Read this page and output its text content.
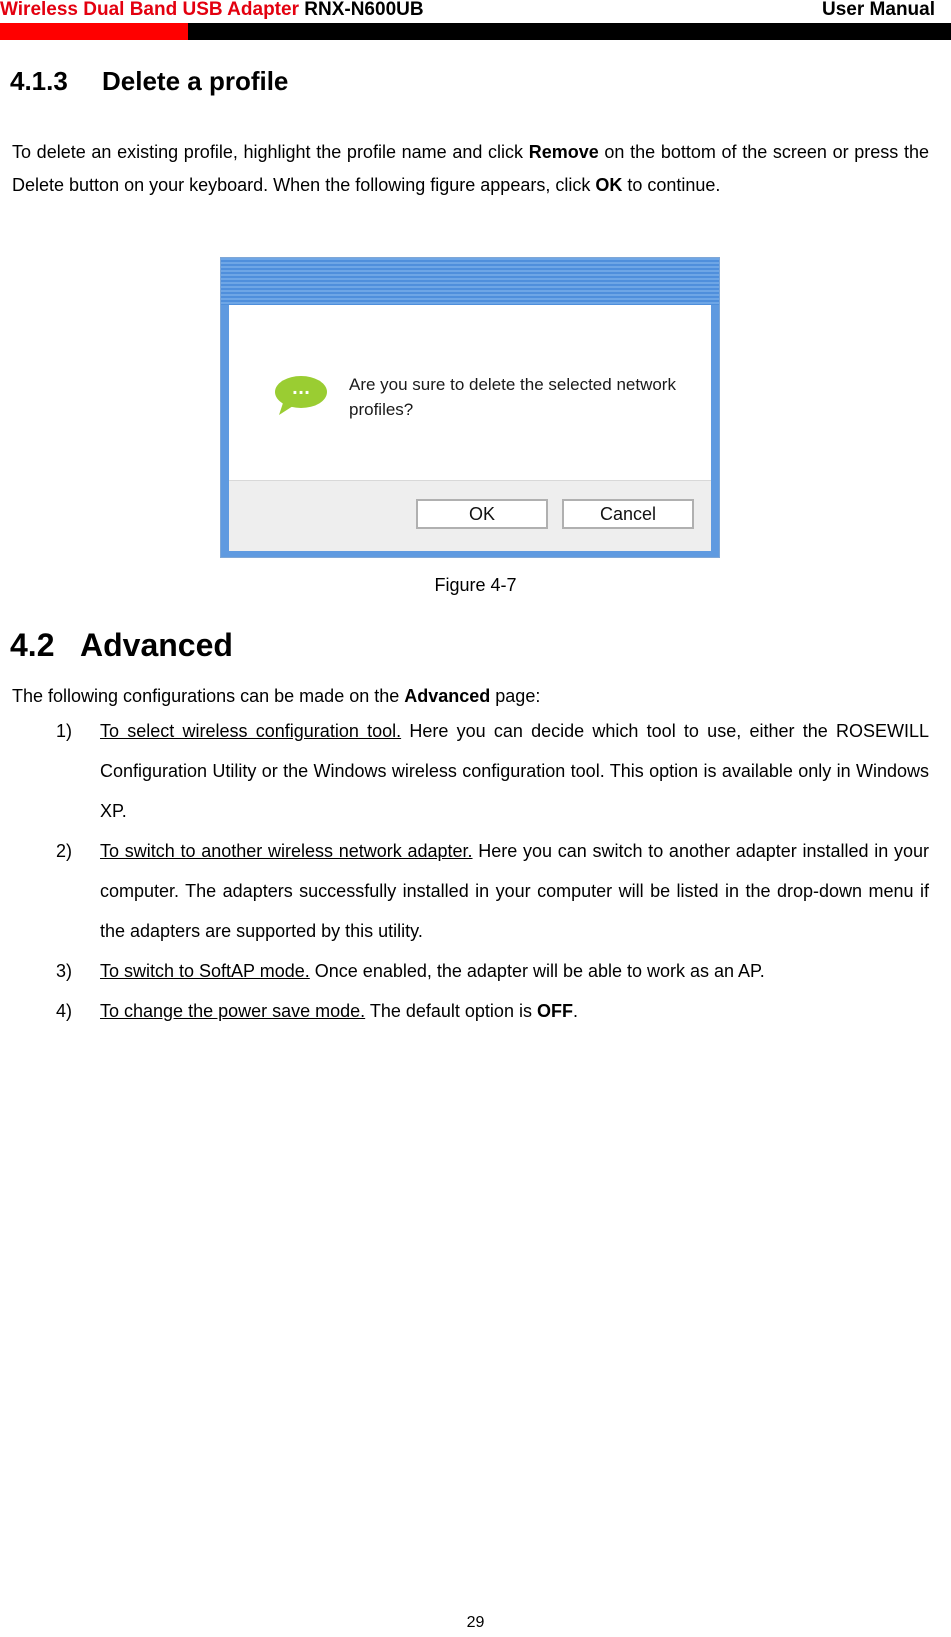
Wireless Dual Band USB Adapter RNX-N600UB	User Manual
4.1.3 Delete a profile
To delete an existing profile, highlight the profile name and click Remove on the bottom of the screen or press the Delete button on your keyboard. When the following figure appears, click OK to continue.
... Are you sure to delete the selected network profiles?
OK	Cancel
Figure 4-7
4.2 Advanced
The following configurations can be made on the Advanced page:
1) To select wireless configuration tool. Here you can decide which tool to use, either the ROSEWILL Configuration Utility or the Windows wireless configuration tool. This option is available only in Windows XP.
2) To switch to another wireless network adapter. Here you can switch to another adapter installed in your computer. The adapters successfully installed in your computer will be listed in the drop-down menu if the adapters are supported by this utility.
3) To switch to SoftAP mode. Once enabled, the adapter will be able to work as an AP.
4) To change the power save mode. The default option is OFF.
29
